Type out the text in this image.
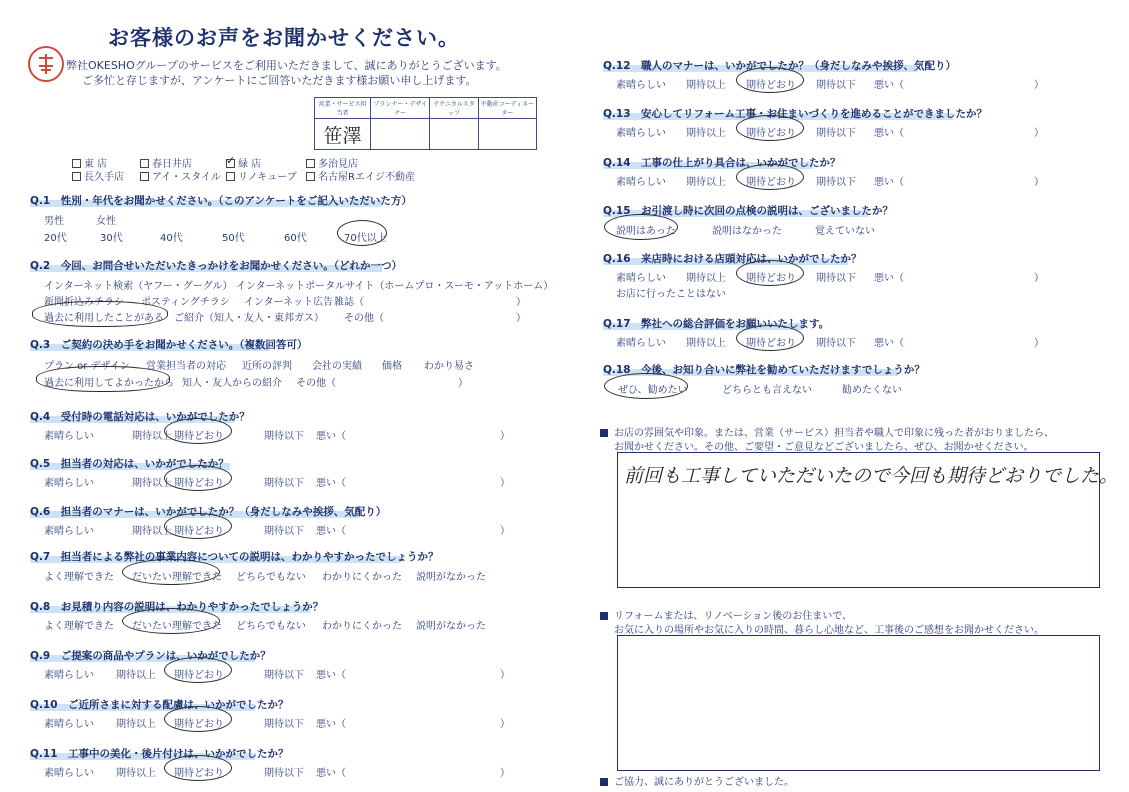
お客様のお声をお聞かせください。
弊社OKESHOグループのサービスをご利用いただきまして、誠にありがとうございます。
ご多忙と存じますが、アンケートにご回答いただきます様お願い申し上げます。
営業・サービス担当者	プランナー・デザイナー	テクニカルスタッフ	不動産コーディネーター
笹澤			
東 店	春日井店	✓ 緑 店	多治見店
長久手店	アイ・スタイル	リノキューブ	名古屋Rエイジ不動産
Q.1　性別・年代をお聞かせください。（このアンケートをご記入いただいた方）
男性	女性
20代	30代	40代	50代	60代	70代以上
Q.2　今回、お問合せいただいたきっかけをお聞かせください。（どれか一つ）
インターネット検索（ヤフー・グーグル） インターネットポータルサイト（ホームプロ・スーモ・アットホーム）
新聞折込みチラシ ポスティングチラシ インターネット広告 雑誌（	）
過去に利用したことがある ご紹介（知人・友人・東邦ガス） その他（	）
Q.3　ご契約の決め手をお聞かせください。（複数回答可）
プラン or デザイン 営業担当者の対応 近所の評判 会社の実績 価格 わかり易さ
過去に利用してよかったから 知人・友人からの紹介 その他（	）
Q.4　受付時の電話対応は、いかがでしたか？
素晴らしい	期待以上 期待どおり	期待以下 悪い（	）
Q.5　担当者の対応は、いかがでしたか？
素晴らしい	期待以上 期待どおり	期待以下 悪い（	）
Q.6　担当者のマナーは、いかがでしたか？（身だしなみや挨拶、気配り）
素晴らしい	期待以上 期待どおり	期待以下 悪い（	）
Q.9　ご提案の商品やプランは、いかがでしたか？
素晴らしい 期待以上 期待どおり	期待以下 悪い（	）
Q.10　ご近所さまに対する配慮は、いかがでしたか？
素晴らしい 期待以上 期待どおり	期待以下 悪い（	）
Q.11　工事中の美化・後片付けは、いかがでしたか？
素晴らしい 期待以上 期待どおり	期待以下 悪い（	）
Q.7　担当者による弊社の事業内容についての説明は、わかりやすかったでしょうか？
よく理解できた だいたい理解できた どちらでもない わかりにくかった 説明がなかった
Q.8　お見積り内容の説明は、わかりやすかったでしょうか？
よく理解できた だいたい理解できた どちらでもない わかりにくかった 説明がなかった
Q.12　職人のマナーは、いかがでしたか？（身だしなみや挨拶、気配り）
素晴らしい 期待以上 期待どおり 期待以下 悪い（	）
Q.13　安心してリフォーム工事・お住まいづくりを進めることができましたか？
素晴らしい 期待以上 期待どおり 期待以下 悪い（	）
Q.14　工事の仕上がり具合は、いかがでしたか？
素晴らしい 期待以上 期待どおり 期待以下 悪い（	）
Q.16　来店時における店頭対応は、いかがでしたか？
素晴らしい 期待以上 期待どおり 期待以下 悪い（	）
Q.17　弊社への総合評価をお願いいたします。
素晴らしい 期待以上 期待どおり 期待以下 悪い（	）
Q.15　お引渡し時に次回の点検の説明は、ございましたか？
説明はあった	説明はなかった	覚えていない
お店に行ったことはない
Q.18　今後、お知り合いに弊社を勧めていただけますでしょうか？
ぜひ、勧めたい	どちらとも言えない	勧めたくない
お店の雰囲気や印象。または、営業（サービス）担当者や職人で印象に残った者がおりましたら、
お聞かせください。その他、ご要望・ご意見などございましたら、ぜひ、お聞かせください。
前回も工事していただいたので今回も期待どおりでした。
リフォームまたは、リノベーション後のお住まいで、
お気に入りの場所やお気に入りの時間、暮らし心地など、工事後のご感想をお聞かせください。
ご協力、誠にありがとうございました。
